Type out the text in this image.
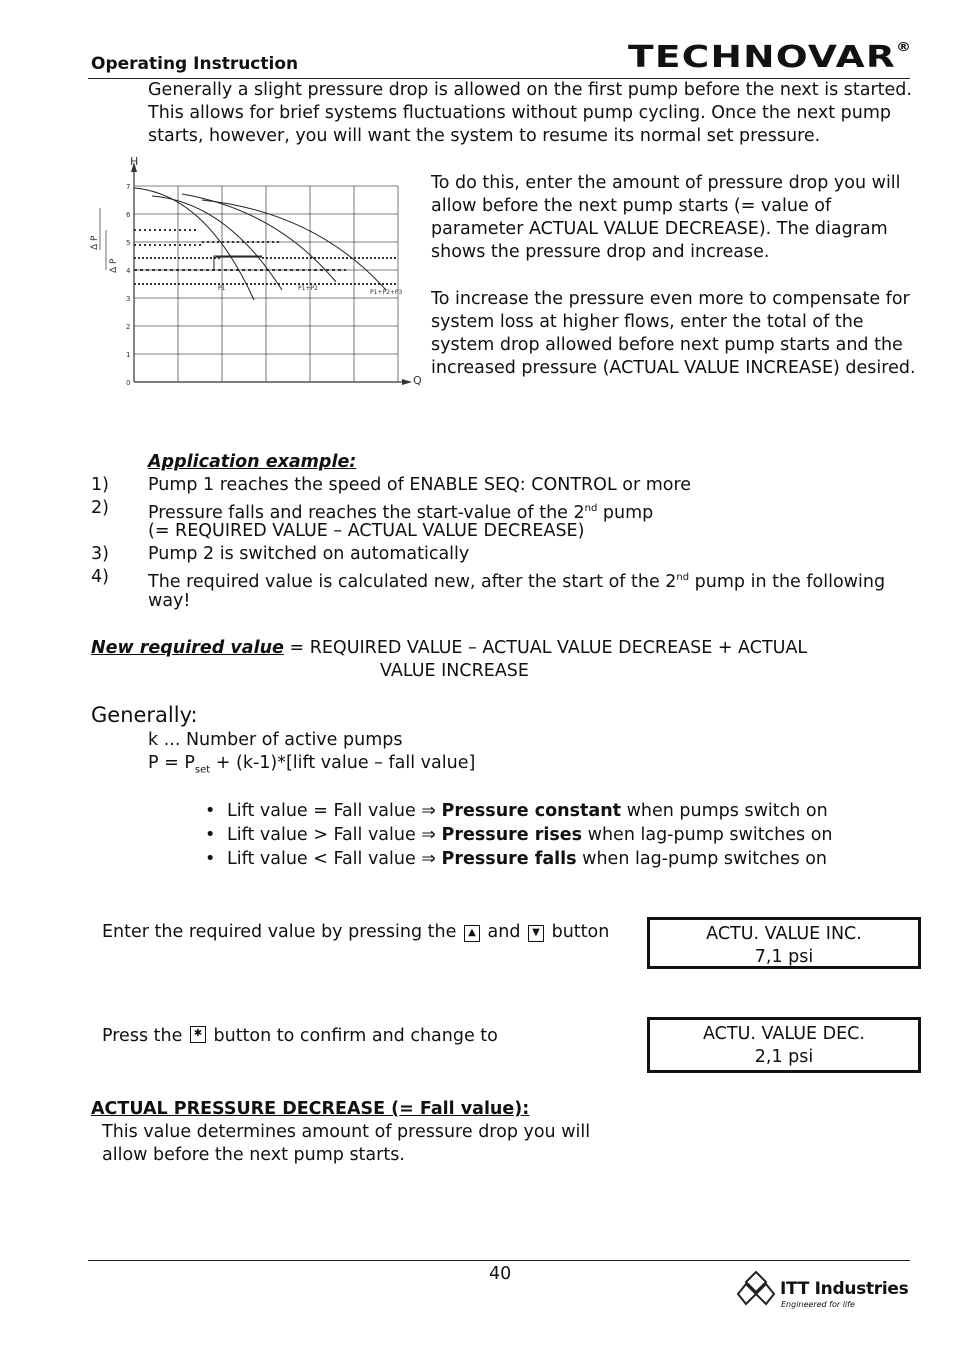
Operating Instruction	TECHNOVAR®
Generally a slight pressure drop is allowed on the first pump before the next is started.
This allows for brief systems fluctuations without pump cycling. Once the next pump
starts, however, you will want the system to resume its normal set pressure.
H
Q
0
1
2
3
4
5
6
7
Δ P
Δ P
P1	P1+P2
P1+P2+P3
To do this, enter the amount of pressure drop you will
allow before the next pump starts (= value of
parameter ACTUAL VALUE DECREASE). The diagram
shows the pressure drop and increase.
To increase the pressure even more to compensate for
system loss at higher flows, enter the total of the
system drop allowed before next pump starts and the
increased pressure (ACTUAL VALUE INCREASE) desired.
Application example:
1) Pump 1 reaches the speed of ENABLE SEQ: CONTROL or more
2) Pressure falls and reaches the start-value of the 2nd pump
(= REQUIRED VALUE – ACTUAL VALUE DECREASE)
3) Pump 2 is switched on automatically
4) The required value is calculated new, after the start of the 2nd pump in the following
way!
New required value = REQUIRED VALUE – ACTUAL VALUE DECREASE + ACTUAL
VALUE INCREASE
Generally:
k ... Number of active pumps
$P = P_{set}$ + (k-1)*[lift value – fall value]
• Lift value = Fall value ⇒ Pressure constant when pumps switch on
• Lift value > Fall value ⇒ Pressure rises when lag-pump switches on
• Lift value < Fall value ⇒ Pressure falls when lag-pump switches on
Enter the required value by pressing the ▲ and ▼ button	ACTU. VALUE INC.
7,1 psi
Press the ✱ button to confirm and change to	ACTU. VALUE DEC.
2,1 psi
ACTUAL PRESSURE DECREASE (= Fall value):
This value determines amount of pressure drop you will
allow before the next pump starts.
40
ITT Industries
Engineered for life
